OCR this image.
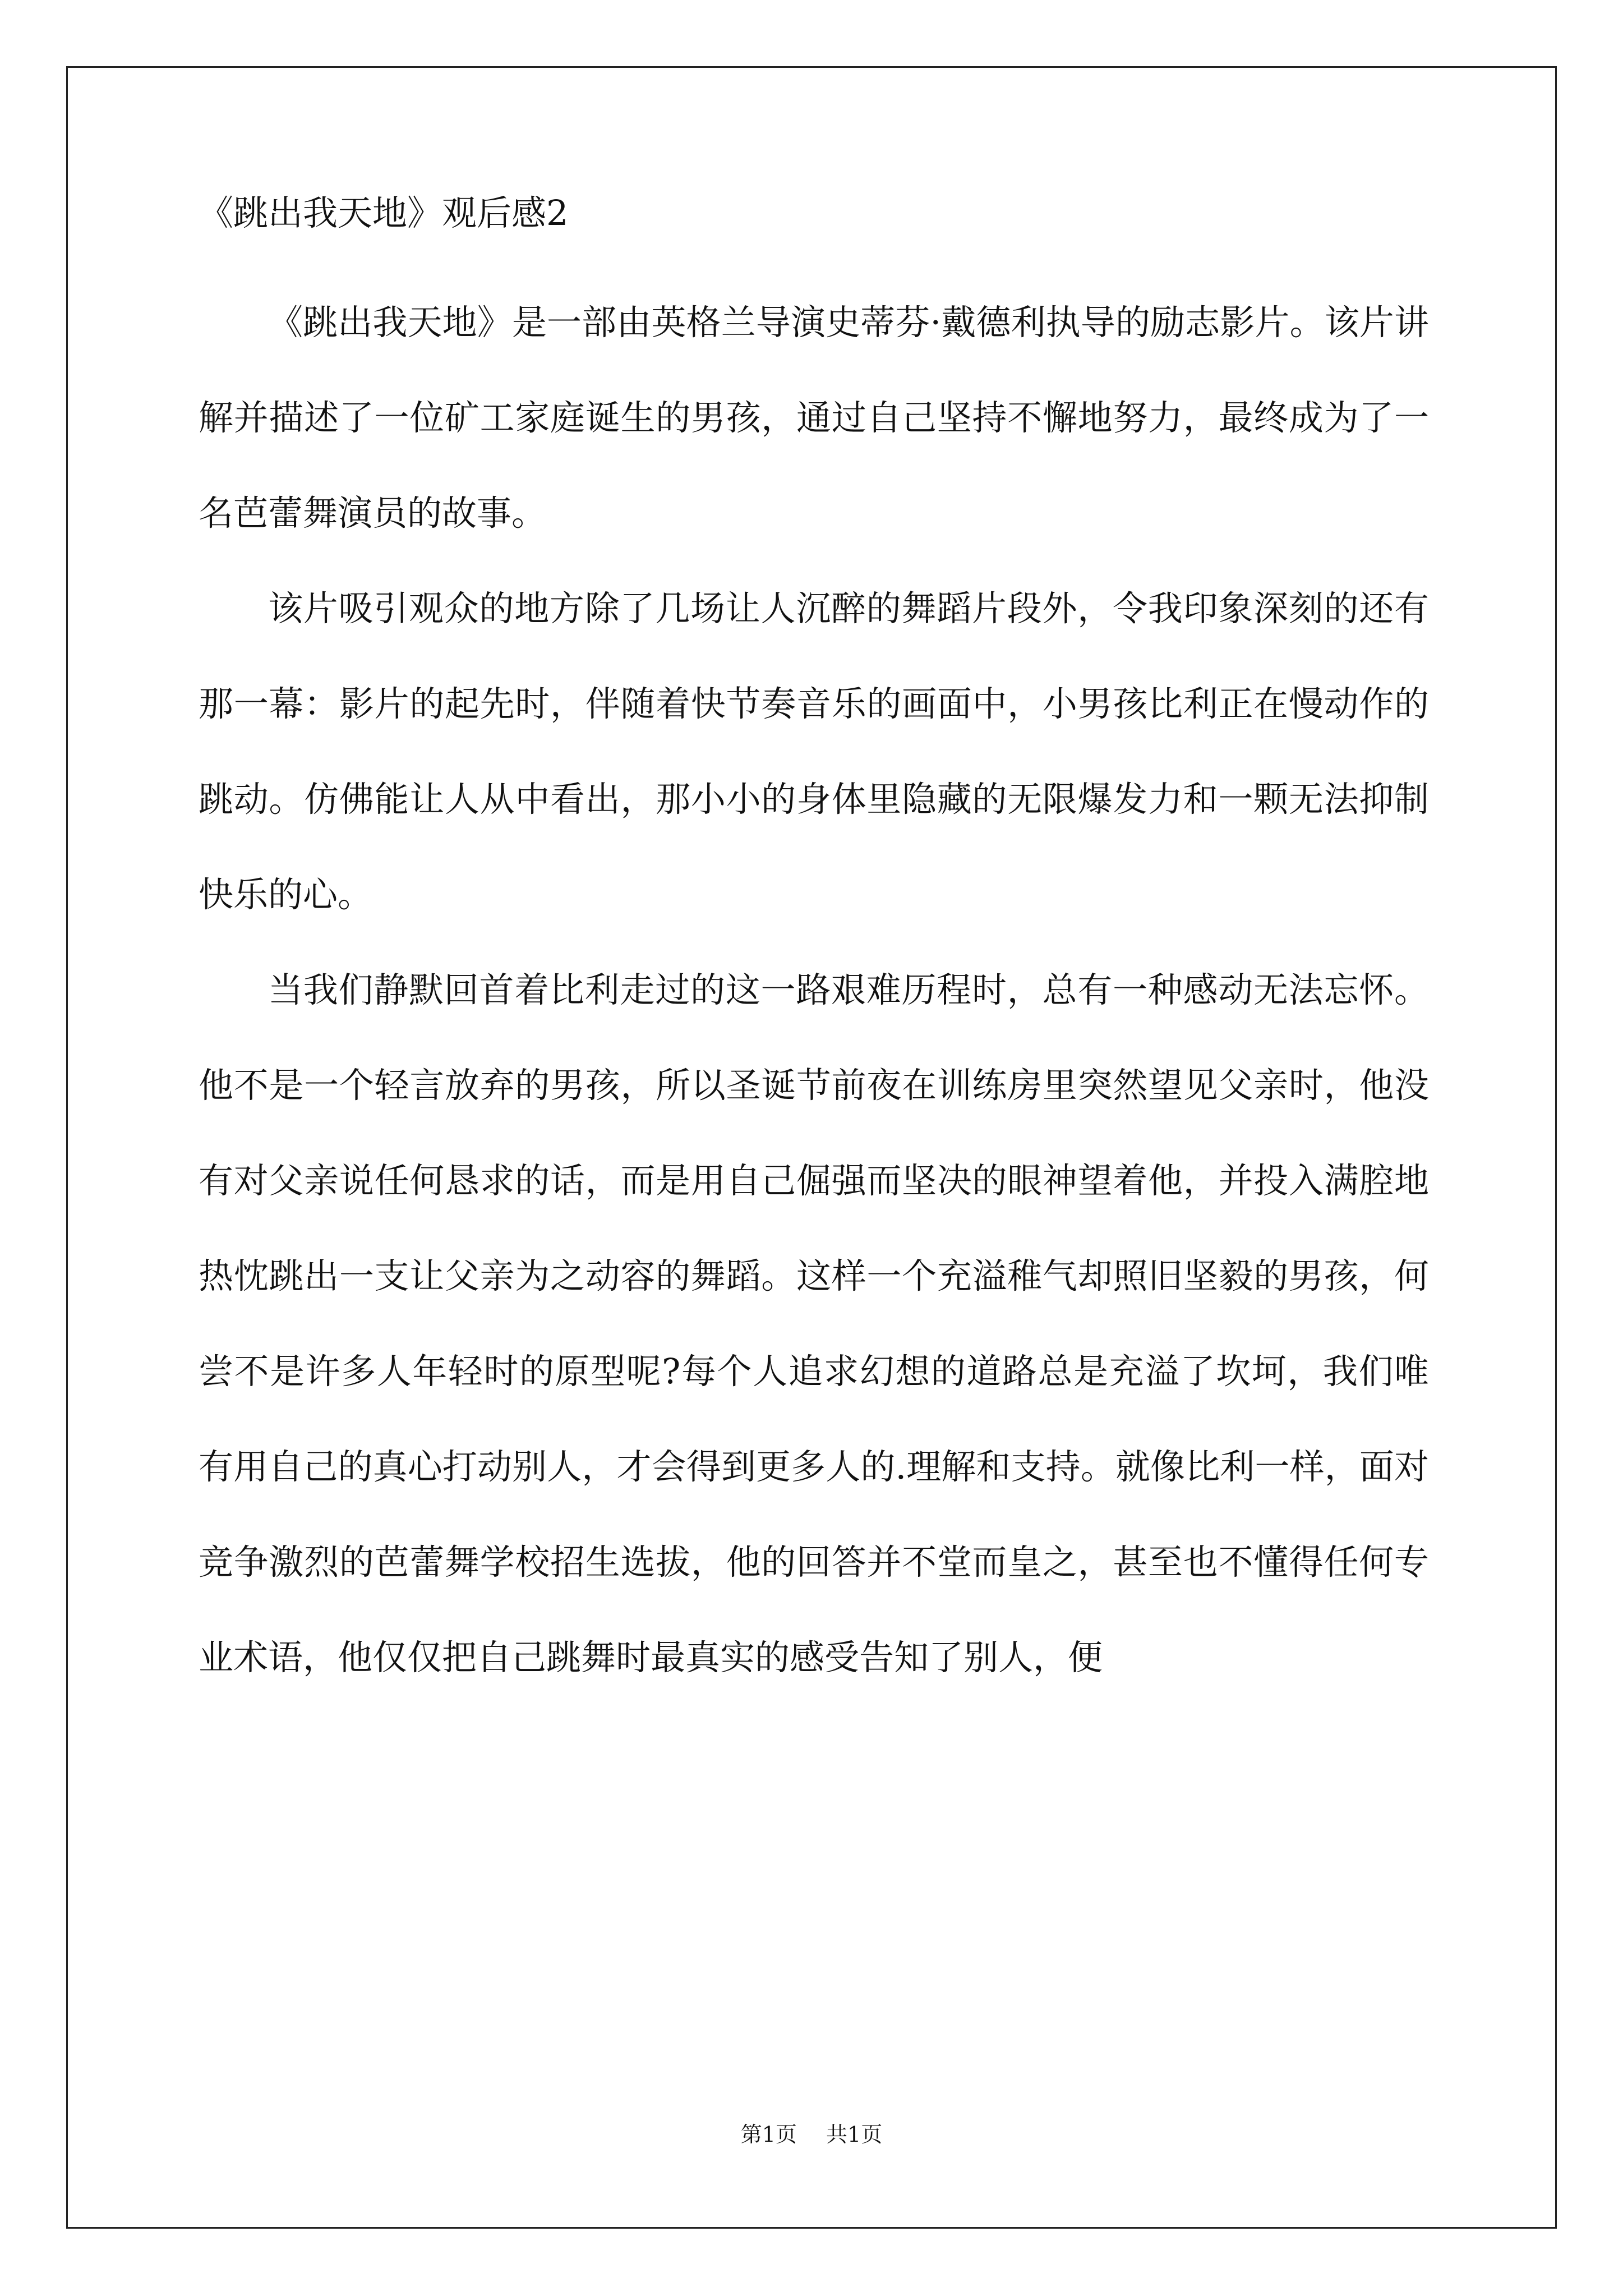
《跳出我天地》观后感2

《跳出我天地》是一部由英格兰导演史蒂芬·戴德利执导的励志影片。该片讲解并描述了一位矿工家庭诞生的男孩，通过自己坚持不懈地努力，最终成为了一名芭蕾舞演员的故事。

该片吸引观众的地方除了几场让人沉醉的舞蹈片段外，令我印象深刻的还有那一幕：影片的起先时，伴随着快节奏音乐的画面中，小男孩比利正在慢动作的跳动。仿佛能让人从中看出，那小小的身体里隐藏的无限爆发力和一颗无法抑制快乐的心。

当我们静默回首着比利走过的这一路艰难历程时，总有一种感动无法忘怀。他不是一个轻言放弃的男孩，所以圣诞节前夜在训练房里突然望见父亲时，他没有对父亲说任何恳求的话，而是用自己倔强而坚决的眼神望着他，并投入满腔地热忱跳出一支让父亲为之动容的舞蹈。这样一个充溢稚气却照旧坚毅的男孩，何尝不是许多人年轻时的原型呢?每个人追求幻想的道路总是充溢了坎坷，我们唯有用自己的真心打动别人，才会得到更多人的.理解和支持。就像比利一样，面对竞争激烈的芭蕾舞学校招生选拔，他的回答并不堂而皇之，甚至也不懂得任何专业术语，他仅仅把自己跳舞时最真实的感受告知了别人，便

第1页 共1页
